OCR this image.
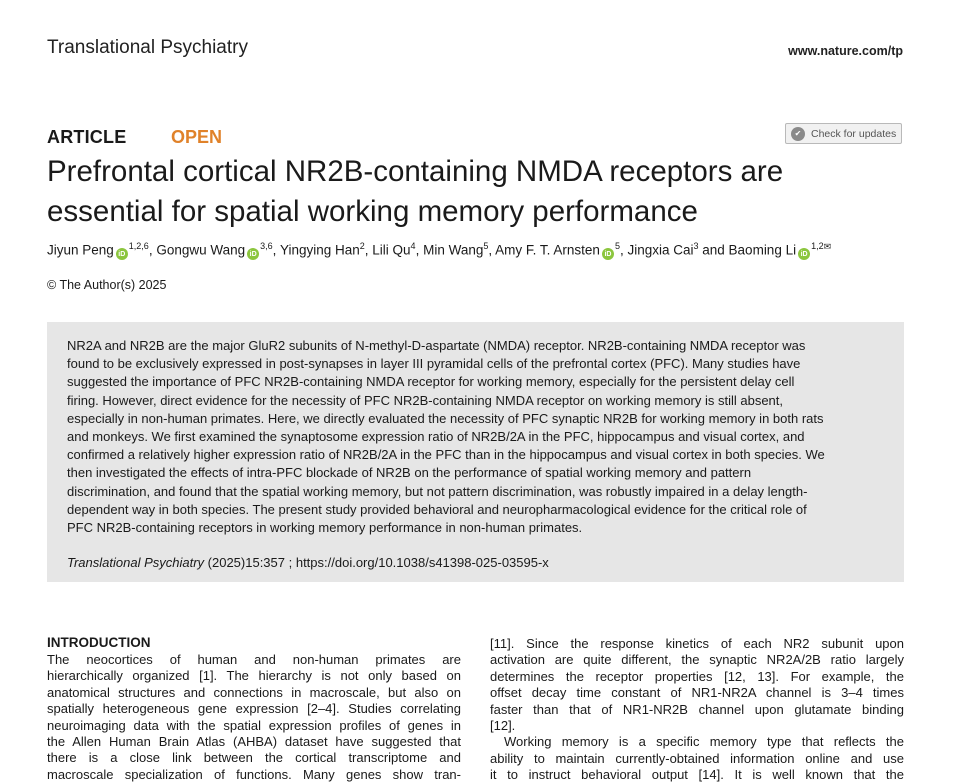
Translational Psychiatry	www.nature.com/tp
ARTICLE OPEN	✔ Check for updates
Prefrontal cortical NR2B-containing NMDA receptors are
essential for spatial working memory performance
Jiyun Peng iD$^{1,2,6}$, Gongwu Wang iD$^{3,6}$, Yingying Han$^2$, Lili Qu$^4$, Min Wang$^5$, Amy F. T. Arnsten $iD^5$, Jingxia Cai$^3$ and Baoming Li $iD^{1,2✉}$
© The Author(s) 2025
NR2A and NR2B are the major GluR2 subunits of N-methyl-D-aspartate (NMDA) receptor. NR2B-containing NMDA receptor was
found to be exclusively expressed in post-synapses in layer III pyramidal cells of the prefrontal cortex (PFC). Many studies have
suggested the importance of PFC NR2B-containing NMDA receptor for working memory, especially for the persistent delay cell
firing. However, direct evidence for the necessity of PFC NR2B-containing NMDA receptor on working memory is still absent,
especially in non-human primates. Here, we directly evaluated the necessity of PFC synaptic NR2B for working memory in both rats
and monkeys. We first examined the synaptosome expression ratio of NR2B/2A in the PFC, hippocampus and visual cortex, and
confirmed a relatively higher expression ratio of NR2B/2A in the PFC than in the hippocampus and visual cortex in both species. We
then investigated the effects of intra-PFC blockade of NR2B on the performance of spatial working memory and pattern
discrimination, and found that the spatial working memory, but not pattern discrimination, was robustly impaired in a delay length-
dependent way in both species. The present study provided behavioral and neuropharmacological evidence for the critical role of
PFC NR2B-containing receptors in working memory performance in non-human primates.
Translational Psychiatry (2025)15:357 ; https://doi.org/10.1038/s41398-025-03595-x
INTRODUCTION
The neocortices of human and non-human primates are
hierarchically organized [1]. The hierarchy is not only based on
anatomical structures and connections in macroscale, but also on
spatially heterogeneous gene expression [2–4]. Studies correlating
neuroimaging data with the spatial expression profiles of genes in
the Allen Human Brain Atlas (AHBA) dataset have suggested that
there is a close link between the cortical transcriptome and
macroscale specialization of functions. Many genes show tran-
[11]. Since the response kinetics of each NR2 subunit upon
activation are quite different, the synaptic NR2A/2B ratio largely
determines the receptor properties [12, 13]. For example, the
offset decay time constant of NR1-NR2A channel is 3–4 times
faster than that of NR1-NR2B channel upon glutamate binding
[12].
Working memory is a specific memory type that reflects the
ability to maintain currently-obtained information online and use
it to instruct behavioral output [14]. It is well known that the
